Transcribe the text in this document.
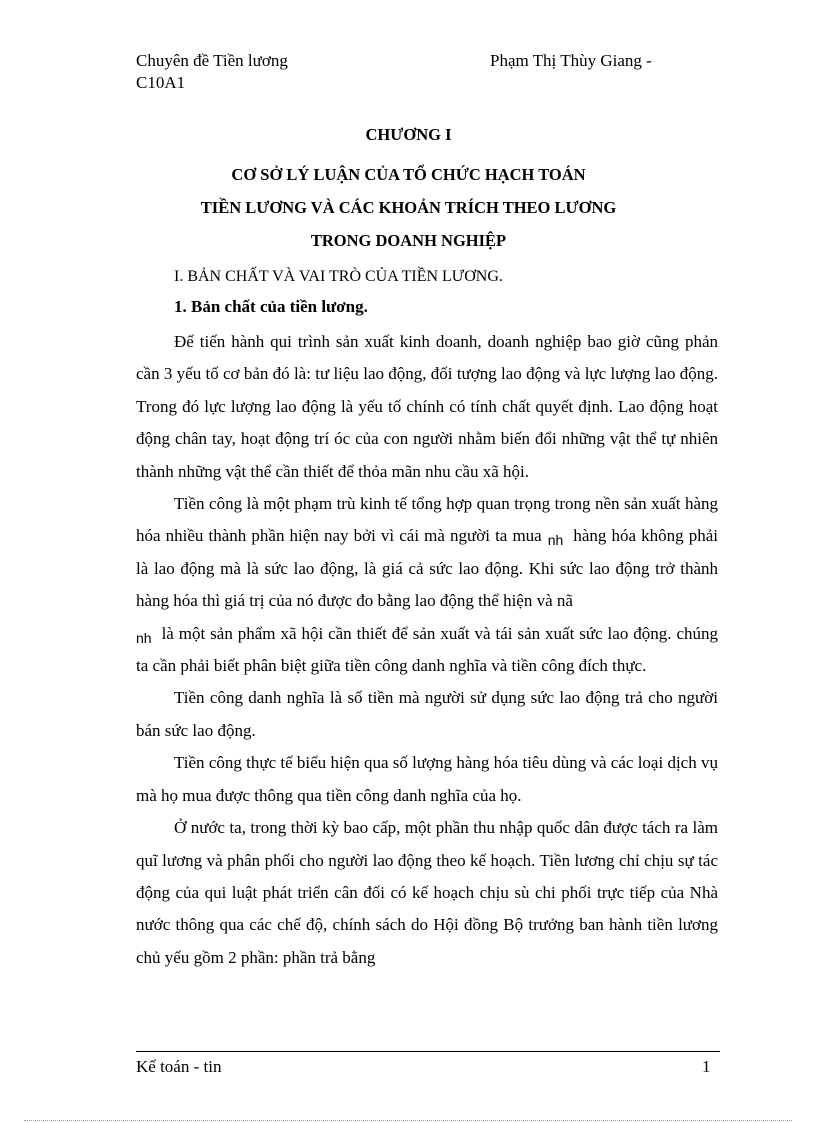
Chuyên đề Tiền lương	Phạm Thị Thùy Giang -
C10A1
CHƯƠNG I
CƠ SỞ LÝ LUẬN CỦA TỔ CHỨC HẠCH TOÁN
TIỀN LƯƠNG VÀ CÁC KHOẢN TRÍCH THEO LƯƠNG
TRONG DOANH NGHIỆP
I. BẢN CHẤT VÀ VAI TRÒ CỦA TIỀN LƯƠNG.
1. Bản chất của tiền lương.

Để tiến hành qui trình sản xuất kinh doanh, doanh nghiệp bao giờ cũng phản cần 3 yếu tố cơ bản đó là: tư liệu lao động, đối tượng lao động và lực lượng lao động. Trong đó lực lượng lao động là yếu tố chính có tính chất quyết định. Lao động hoạt động chân tay, hoạt động trí óc của con người nhằm biến đổi những vật thể tự nhiên thành những vật thể cần thiết để thỏa mãn nhu cầu xã hội.

Tiền công là một phạm trù kinh tế tổng hợp quan trọng trong nền sản xuất hàng hóa nhiều thành phần hiện nay bởi vì cái mà người ta mua $_{nh}$ hàng hóa không phải là lao động mà là sức lao động, là giá cả sức lao động. Khi sức lao động trở thành hàng hóa thì giá trị của nó được đo bằng lao động thể hiện và nã
$_{nh}$ là một sản phẩm xã hội cần thiết để sản xuất và tái sản xuất sức lao động. chúng ta cần phải biết phân biệt giữa tiền công danh nghĩa và tiền công đích thực.

Tiền công danh nghĩa là số tiền mà người sử dụng sức lao động trả cho người bán sức lao động.

Tiền công thực tế biểu hiện qua số lượng hàng hóa tiêu dùng và các loại dịch vụ mà họ mua được thông qua tiền công danh nghĩa của họ.

Ở nước ta, trong thời kỳ bao cấp, một phần thu nhập quốc dân được tách ra làm quĩ lương và phân phối cho người lao động theo kế hoạch. Tiền lương chỉ chịu sự tác động của qui luật phát triển cân đối có kế hoạch chịu sù chi phối trực tiếp của Nhà nước thông qua các chế độ, chính sách do Hội đồng Bộ trưởng ban hành tiền lương chủ yếu gồm 2 phần: phần trả bằng

Kế toán - tin	1
